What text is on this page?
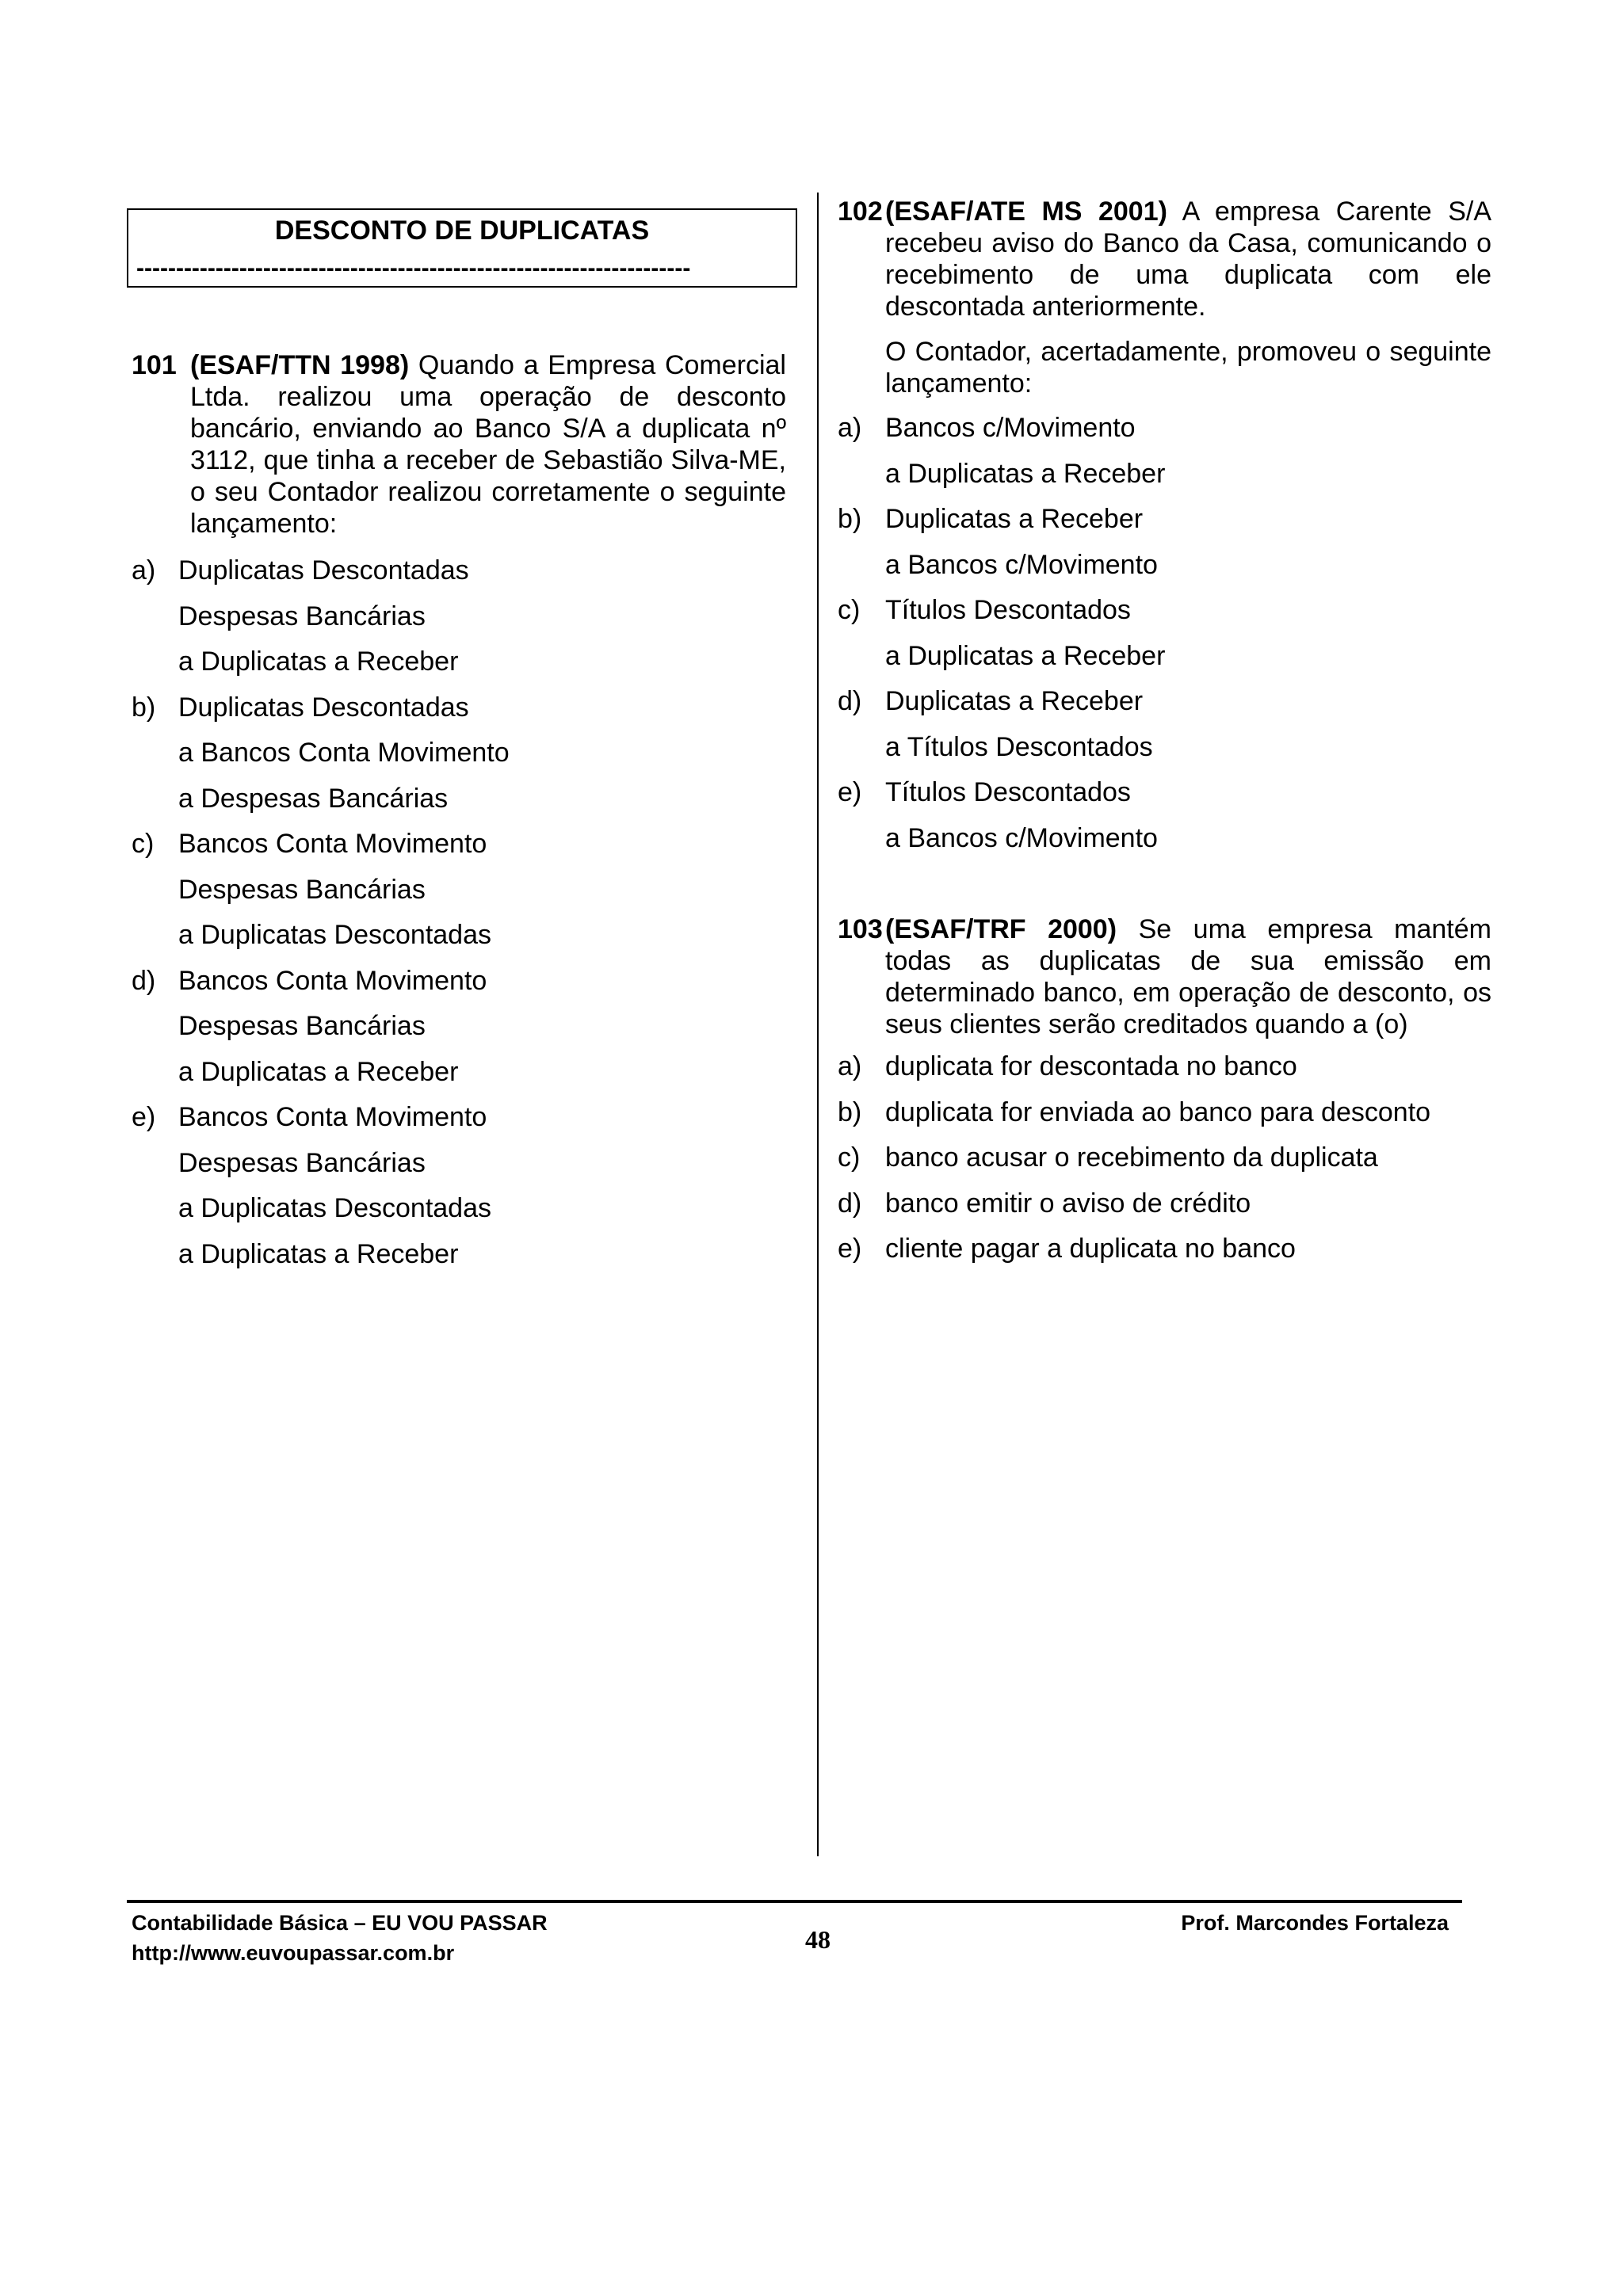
DESCONTO DE DUPLICATAS
----------------------------------------------------------------------
101 (ESAF/TTN 1998) Quando a Empresa Comercial Ltda. realizou uma operação de desconto bancário, enviando ao Banco S/A a duplicata nº 3112, que tinha a receber de Sebastião Silva-ME, o seu Contador realizou corretamente o seguinte lançamento:
a) Duplicatas Descontadas
Despesas Bancárias
a Duplicatas a Receber
b) Duplicatas Descontadas
a Bancos Conta Movimento
a Despesas Bancárias
c) Bancos Conta Movimento
Despesas Bancárias
a Duplicatas Descontadas
d) Bancos Conta Movimento
Despesas Bancárias
a Duplicatas a Receber
e) Bancos Conta Movimento
Despesas Bancárias
a Duplicatas Descontadas
a Duplicatas a Receber
102 (ESAF/ATE MS 2001) A empresa Carente S/A recebeu aviso do Banco da Casa, comunicando o recebimento de uma duplicata com ele descontada anteriormente.
O Contador, acertadamente, promoveu o seguinte lançamento:
a) Bancos c/Movimento
a Duplicatas a Receber
b) Duplicatas a Receber
a Bancos c/Movimento
c) Títulos Descontados
a Duplicatas a Receber
d) Duplicatas a Receber
a Títulos Descontados
e) Títulos Descontados
a Bancos c/Movimento
103 (ESAF/TRF 2000) Se uma empresa mantém todas as duplicatas de sua emissão em determinado banco, em operação de desconto, os seus clientes serão creditados quando a (o)
a) duplicata for descontada no banco
b) duplicata for enviada ao banco para desconto
c) banco acusar o recebimento da duplicata
d) banco emitir o aviso de crédito
e) cliente pagar a duplicata no banco
Contabilidade Básica – EU VOU PASSAR
http://www.euvoupassar.com.br	48
Prof. Marcondes Fortaleza
